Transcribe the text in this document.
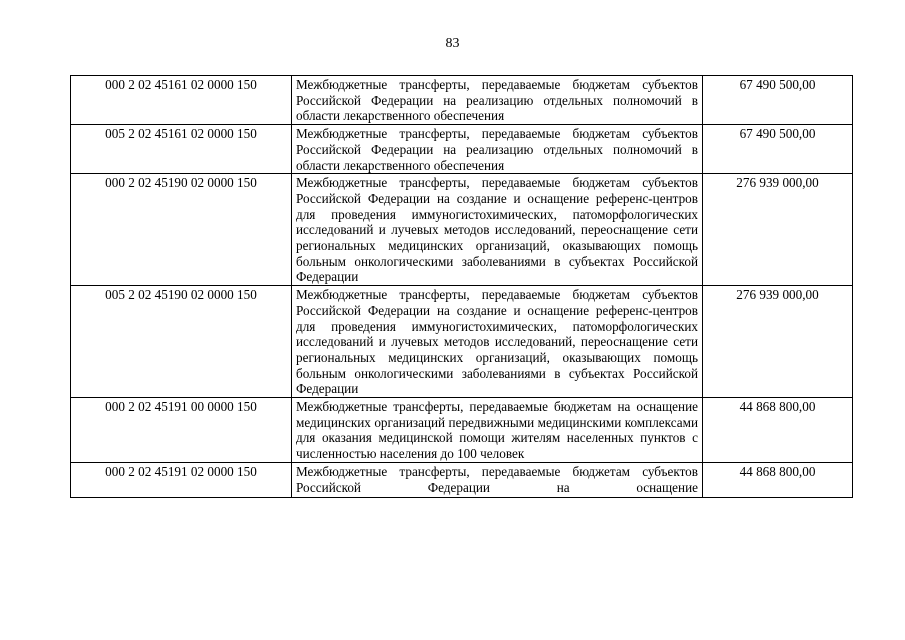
83
000 2 02 45161 02 0000 150	Межбюджетные трансферты, передаваемые бюджетам субъектов Российской Федерации на реализацию отдельных полномочий в области лекарственного обеспечения	67 490 500,00
005 2 02 45161 02 0000 150	Межбюджетные трансферты, передаваемые бюджетам субъектов Российской Федерации на реализацию отдельных полномочий в области лекарственного обеспечения	67 490 500,00
000 2 02 45190 02 0000 150	Межбюджетные трансферты, передаваемые бюджетам субъектов Российской Федерации на создание и оснащение референс-центров для проведения иммуногистохимических, патоморфологических исследований и лучевых методов исследований, переоснащение сети региональных медицинских организаций, оказывающих помощь больным онкологическими заболеваниями в субъектах Российской Федерации	276 939 000,00
005 2 02 45190 02 0000 150	Межбюджетные трансферты, передаваемые бюджетам субъектов Российской Федерации на создание и оснащение референс-центров для проведения иммуногистохимических, патоморфологических исследований и лучевых методов исследований, переоснащение сети региональных медицинских организаций, оказывающих помощь больным онкологическими заболеваниями в субъектах Российской Федерации	276 939 000,00
000 2 02 45191 00 0000 150	Межбюджетные трансферты, передаваемые бюджетам на оснащение медицинских организаций передвижными медицинскими комплексами для оказания медицинской помощи жителям населенных пунктов с численностью населения до 100 человек	44 868 800,00
000 2 02 45191 02 0000 150	Межбюджетные трансферты, передаваемые бюджетам субъектов Российской Федерации на оснащение	44 868 800,00
